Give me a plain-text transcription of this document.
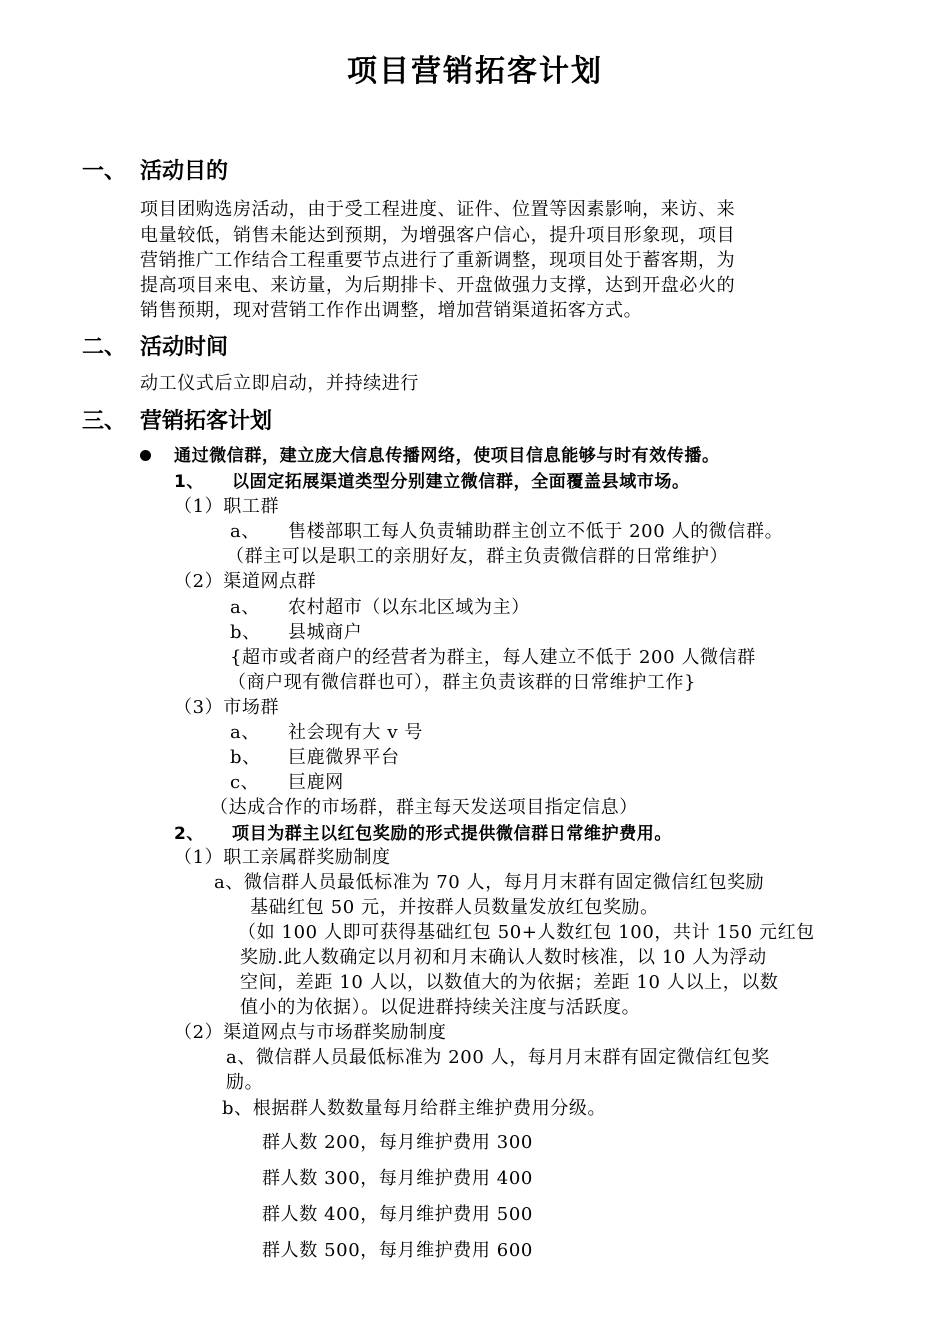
项目营销拓客计划
一、 活动目的
项目团购选房活动，由于受工程进度、证件、位置等因素影响，来访、来
电量较低，销售未能达到预期，为增强客户信心，提升项目形象现，项目
营销推广工作结合工程重要节点进行了重新调整，现项目处于蓄客期，为
提高项目来电、来访量，为后期排卡、开盘做强力支撑，达到开盘必火的
销售预期，现对营销工作作出调整，增加营销渠道拓客方式。
二、 活动时间
动工仪式后立即启动，并持续进行
三、 营销拓客计划
通过微信群，建立庞大信息传播网络，使项目信息能够与时有效传播。
1、 以固定拓展渠道类型分别建立微信群，全面覆盖县域市场。
（1）职工群
a、 售楼部职工每人负责辅助群主创立不低于 200 人的微信群。
（群主可以是职工的亲朋好友，群主负责微信群的日常维护）
（2）渠道网点群
a、 农村超市（以东北区域为主）
b、 县城商户
{超市或者商户的经营者为群主，每人建立不低于 200 人微信群
（商户现有微信群也可），群主负责该群的日常维护工作}
（3）市场群
a、 社会现有大 v 号
b、 巨鹿微界平台
c、 巨鹿网
（达成合作的市场群，群主每天发送项目指定信息）
2、 项目为群主以红包奖励的形式提供微信群日常维护费用。
（1）职工亲属群奖励制度
a、微信群人员最低标准为 70 人，每月月末群有固定微信红包奖励
基础红包 50 元，并按群人员数量发放红包奖励。
（如 100 人即可获得基础红包 50+人数红包 100，共计 150 元红包
奖励.此人数确定以月初和月末确认人数时核准，以 10 人为浮动
空间，差距 10 人以，以数值大的为依据；差距 10 人以上，以数
值小的为依据）。以促进群持续关注度与活跃度。
（2）渠道网点与市场群奖励制度
a、微信群人员最低标准为 200 人，每月月末群有固定微信红包奖
励。
b、根据群人数数量每月给群主维护费用分级。
群人数 200，每月维护费用 300
群人数 300，每月维护费用 400
群人数 400，每月维护费用 500
群人数 500，每月维护费用 600
